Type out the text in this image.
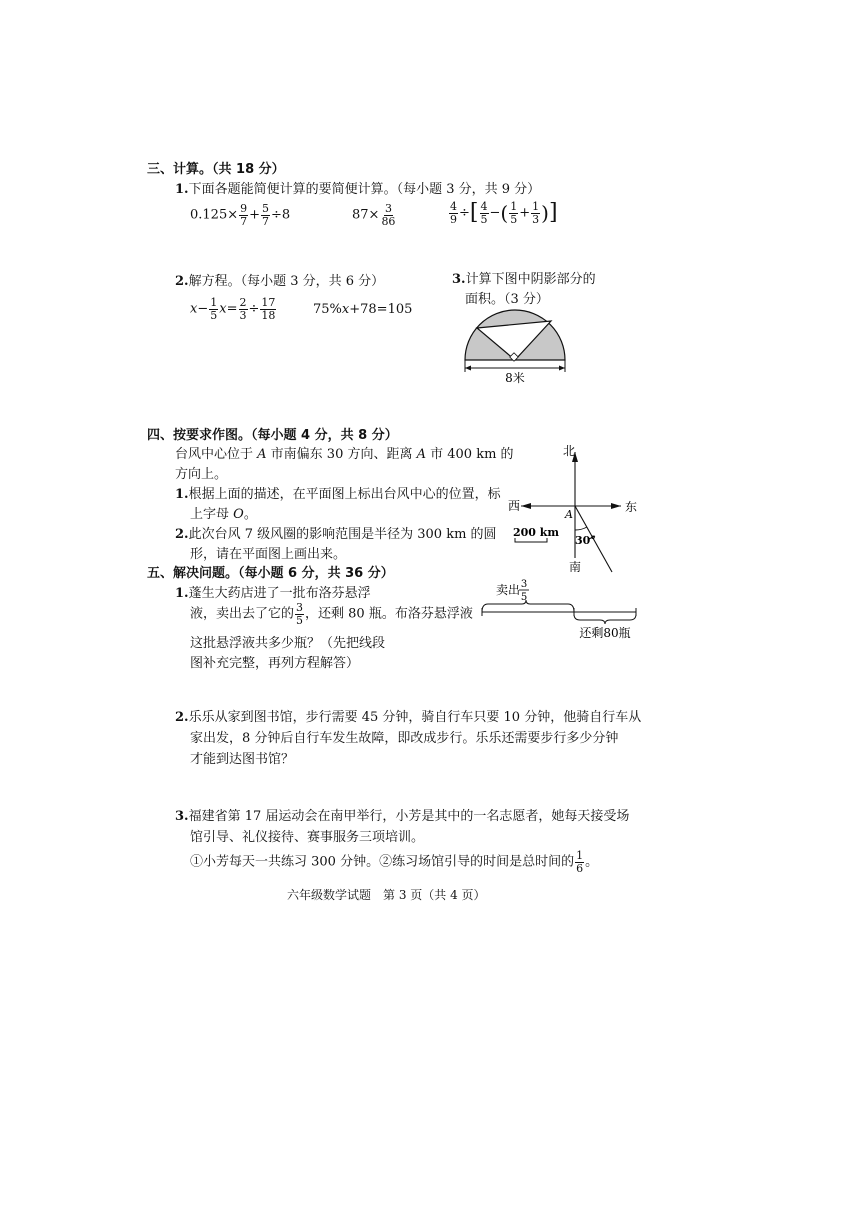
三、计算。（共 18 分）
1.下面各题能简便计算的要简便计算。（每小题 3 分，共 9 分）
$0.125\times \frac{9}{7} + \frac{5}{7} \div 8$	$87\times \frac{3}{86}$	$\frac{4}{9}$ ÷[ $\frac{4}{5}$ −( $\frac{1}{5} + \frac{1}{3}$ )]
2.解方程。（每小题 3 分，共 6 分）
$x- \frac{1}{5} x= \frac{2}{3} \div \frac{17}{18}$	75%x+78=105
3.计算下图中阴影部分的
面积。（3 分）
8米
四、按要求作图。（每小题 4 分，共 8 分）
台风中心位于 A 市南偏东 30 方向、距离 A 市 400 km 的
方向上。
1.根据上面的描述，在平面图上标出台风中心的位置，标
上字母 O。
2.此次台风 7 级风圈的影响范围是半径为 300 km 的圆
形，请在平面图上画出来。
北
南
东
西
A
30°
200 km
五、解决问题。（每小题 6 分，共 36 分）
1.蓬生大药店进了一批布洛芬悬浮
液，卖出去了它的 $\frac{3}{5}$ ，还剩 80 瓶。布洛芬悬浮液
这批悬浮液共多少瓶？（先把线段
图补充完整，再列方程解答）
卖出 3
5
还剩80瓶
2.乐乐从家到图书馆，步行需要 45 分钟，骑自行车只要 10 分钟，他骑自行车从
家出发，8 分钟后自行车发生故障，即改成步行。乐乐还需要步行多少分钟
才能到达图书馆？
3.福建省第 17 届运动会在南甲举行，小芳是其中的一名志愿者，她每天接受场
馆引导、礼仪接待、赛事服务三项培训。
①小芳每天一共练习 300 分钟。②练习场馆引导的时间是总时间的 $\frac{1}{6}$ 。
六年级数学试题　第 3 页（共 4 页）
